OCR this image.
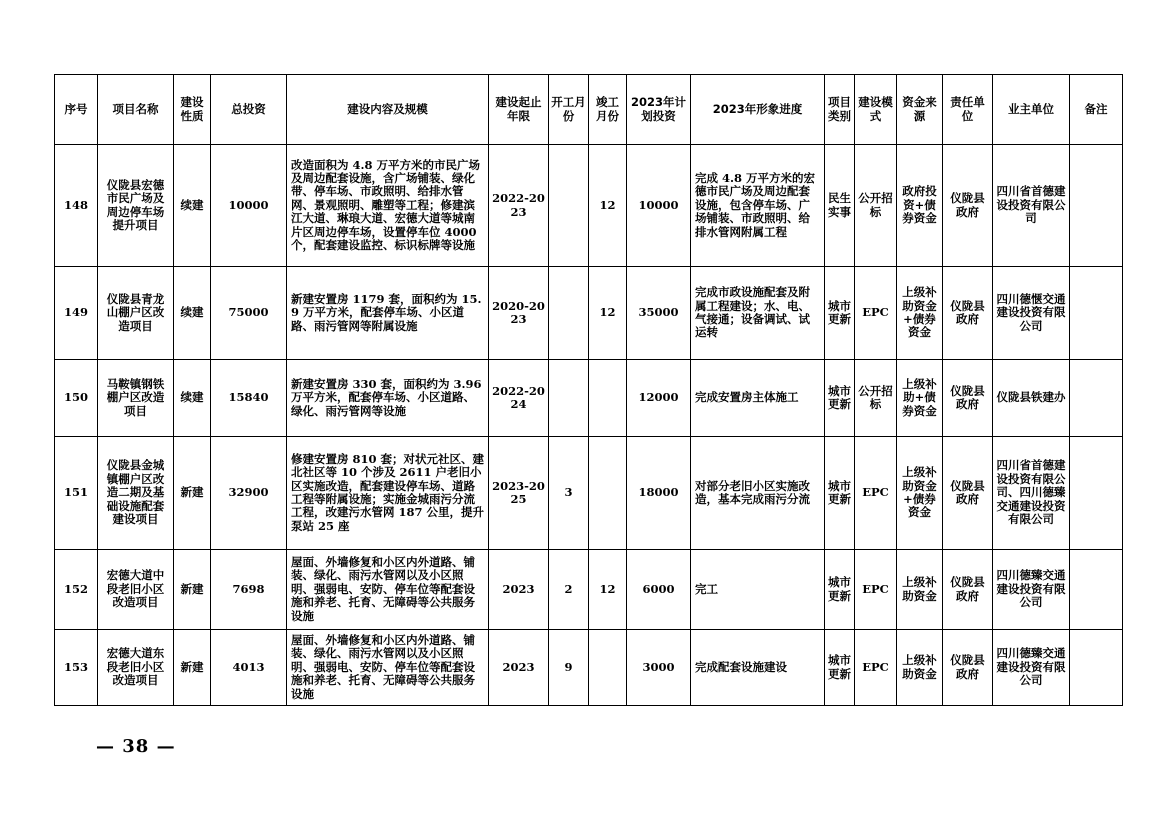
序号	项目名称	建设性质	总投资	建设内容及规模	建设起止年限	开工月份	竣工月份	2023年计划投资	2023年形象进度	项目类别	建设模式	资金来源	责任单位	业主单位	备注
148	仪陇县宏德市民广场及周边停车场提升项目	续建	10000	改造面积为 4.8 万平方米的市民广场及周边配套设施，含广场铺装、绿化带、停车场、市政照明、给排水管网、景观照明、雕塑等工程；修建滨江大道、琳琅大道、宏德大道等城南片区周边停车场，设置停车位 4000 个，配套建设监控、标识标牌等设施	2022-2023		12	10000	完成 4.8 万平方米的宏德市民广场及周边配套设施，包含停车场、广场铺装、市政照明、给排水管网附属工程	民生实事	公开招标	政府投资+债券资金	仪陇县政府	四川省首德建设投资有限公司	
149	仪陇县青龙山棚户区改造项目	续建	75000	新建安置房 1179 套，面积约为 15.9 万平方米，配套停车场、小区道路、雨污管网等附属设施	2020-2023		12	35000	完成市政设施配套及附属工程建设；水、电、气接通；设备调试、试运转	城市更新	EPC	上级补助资金+债券资金	仪陇县政府	四川德惬交通建设投资有限公司	
150	马鞍镇钢铁棚户区改造项目	续建	15840	新建安置房 330 套，面积约为 3.96 万平方米，配套停车场、小区道路、绿化、雨污管网等设施	2022-2024			12000	完成安置房主体施工	城市更新	公开招标	上级补助+债券资金	仪陇县政府	仪陇县铁建办	
151	仪陇县金城镇棚户区改造二期及基础设施配套建设项目	新建	32900	修建安置房 810 套；对状元社区、建北社区等 10 个涉及 2611 户老旧小区实施改造，配套建设停车场、道路工程等附属设施；实施金城雨污分流工程，改建污水管网 187 公里，提升泵站 25 座	2023-2025	3		18000	对部分老旧小区实施改造，基本完成雨污分流	城市更新	EPC	上级补助资金+债券资金	仪陇县政府	四川省首德建设投资有限公司、四川德臻交通建设投资有限公司	
152	宏德大道中段老旧小区改造项目	新建	7698	屋面、外墙修复和小区内外道路、铺装、绿化、雨污水管网以及小区照明、强弱电、安防、停车位等配套设施和养老、托育、无障碍等公共服务设施	2023	2	12	6000	完工	城市更新	EPC	上级补助资金	仪陇县政府	四川德臻交通建设投资有限公司	
153	宏德大道东段老旧小区改造项目	新建	4013	屋面、外墙修复和小区内外道路、铺装、绿化、雨污水管网以及小区照明、强弱电、安防、停车位等配套设施和养老、托育、无障碍等公共服务设施	2023	9		3000	完成配套设施建设	城市更新	EPC	上级补助资金	仪陇县政府	四川德臻交通建设投资有限公司	
— 38 —
